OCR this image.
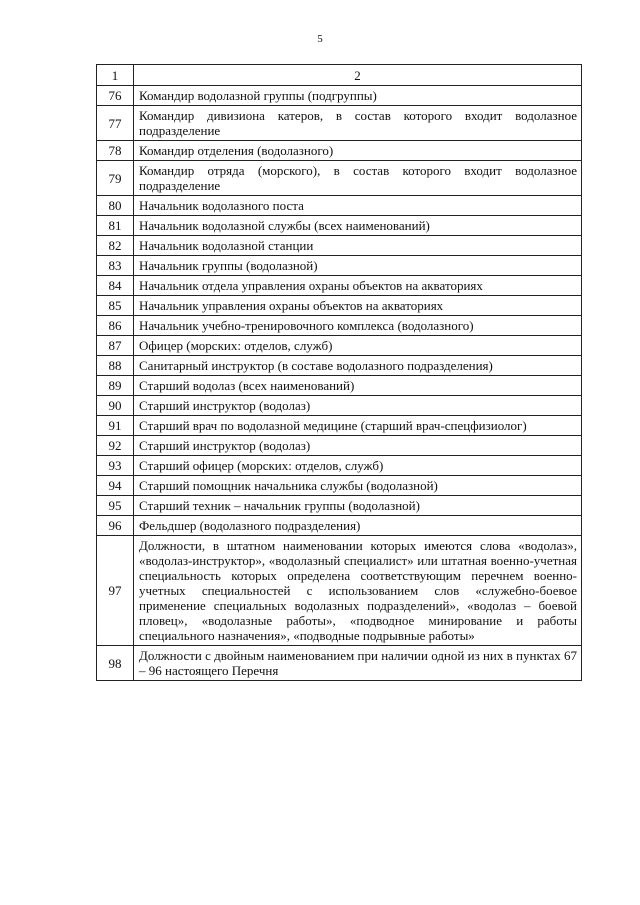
5
1	2
76	Командир водолазной группы (подгруппы)
77	Командир дивизиона катеров, в состав которого входит водолазное подразделение
78	Командир отделения (водолазного)
79	Командир отряда (морского), в состав которого входит водолазное подразделение
80	Начальник водолазного поста
81	Начальник водолазной службы (всех наименований)
82	Начальник водолазной станции
83	Начальник группы (водолазной)
84	Начальник отдела управления охраны объектов на акваториях
85	Начальник управления охраны объектов на акваториях
86	Начальник учебно-тренировочного комплекса (водолазного)
87	Офицер (морских: отделов, служб)
88	Санитарный инструктор (в составе водолазного подразделения)
89	Старший водолаз (всех наименований)
90	Старший инструктор (водолаз)
91	Старший врач по водолазной медицине (старший врач-спецфизиолог)
92	Старший инструктор (водолаз)
93	Старший офицер (морских: отделов, служб)
94	Старший помощник начальника службы (водолазной)
95	Старший техник – начальник группы (водолазной)
96	Фельдшер (водолазного подразделения)
97	Должности, в штатном наименовании которых имеются слова «водолаз», «водолаз-инструктор», «водолазный специалист» или штатная военно-учетная специальность которых определена соответствующим перечнем военно-учетных специальностей с использованием слов «служебно-боевое применение специальных водолазных подразделений», «водолаз – боевой пловец», «водолазные работы», «подводное минирование и работы специального назначения», «подводные подрывные работы»
98	Должности с двойным наименованием при наличии одной из них в пунктах 67 – 96 настоящего Перечня
